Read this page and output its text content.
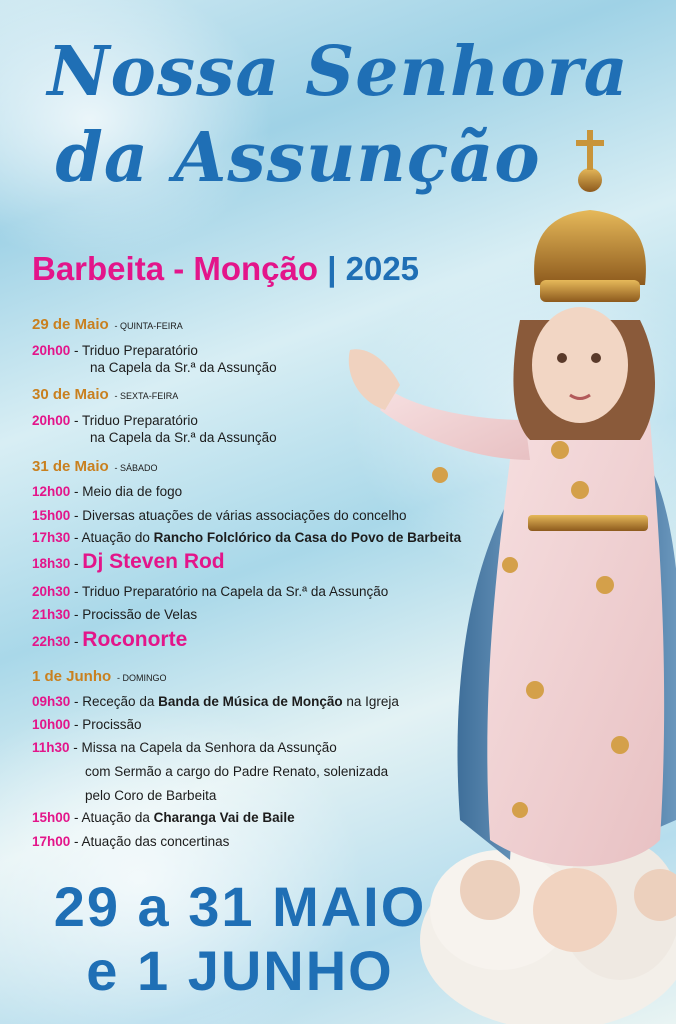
Nossa Senhora
da Assunção
Barbeita - Monção | 2025
29 de Maio - QUINTA-FEIRA
20h00 - Triduo Preparatório
na Capela da Sr.ª da Assunção
30 de Maio - SEXTA-FEIRA
20h00 - Triduo Preparatório
na Capela da Sr.ª da Assunção
31 de Maio - SÁBADO
12h00 - Meio dia de fogo
15h00 - Diversas atuações de várias associações do concelho
17h30 - Atuação do Rancho Folclórico da Casa do Povo de Barbeita
18h30 - Dj Steven Rod
20h30 - Triduo Preparatório na Capela da Sr.ª da Assunção
21h30 - Procissão de Velas
22h30 - Roconorte
1 de Junho - DOMINGO
09h30 - Receção da Banda de Música de Monção na Igreja
10h00 - Procissão
11h30 - Missa na Capela da Senhora da Assunção
com Sermão a cargo do Padre Renato, solenizada
pelo Coro de Barbeita
15h00 - Atuação da Charanga Vai de Baile
17h00 - Atuação das concertinas
29 a 31 MAIO
e 1 JUNHO
